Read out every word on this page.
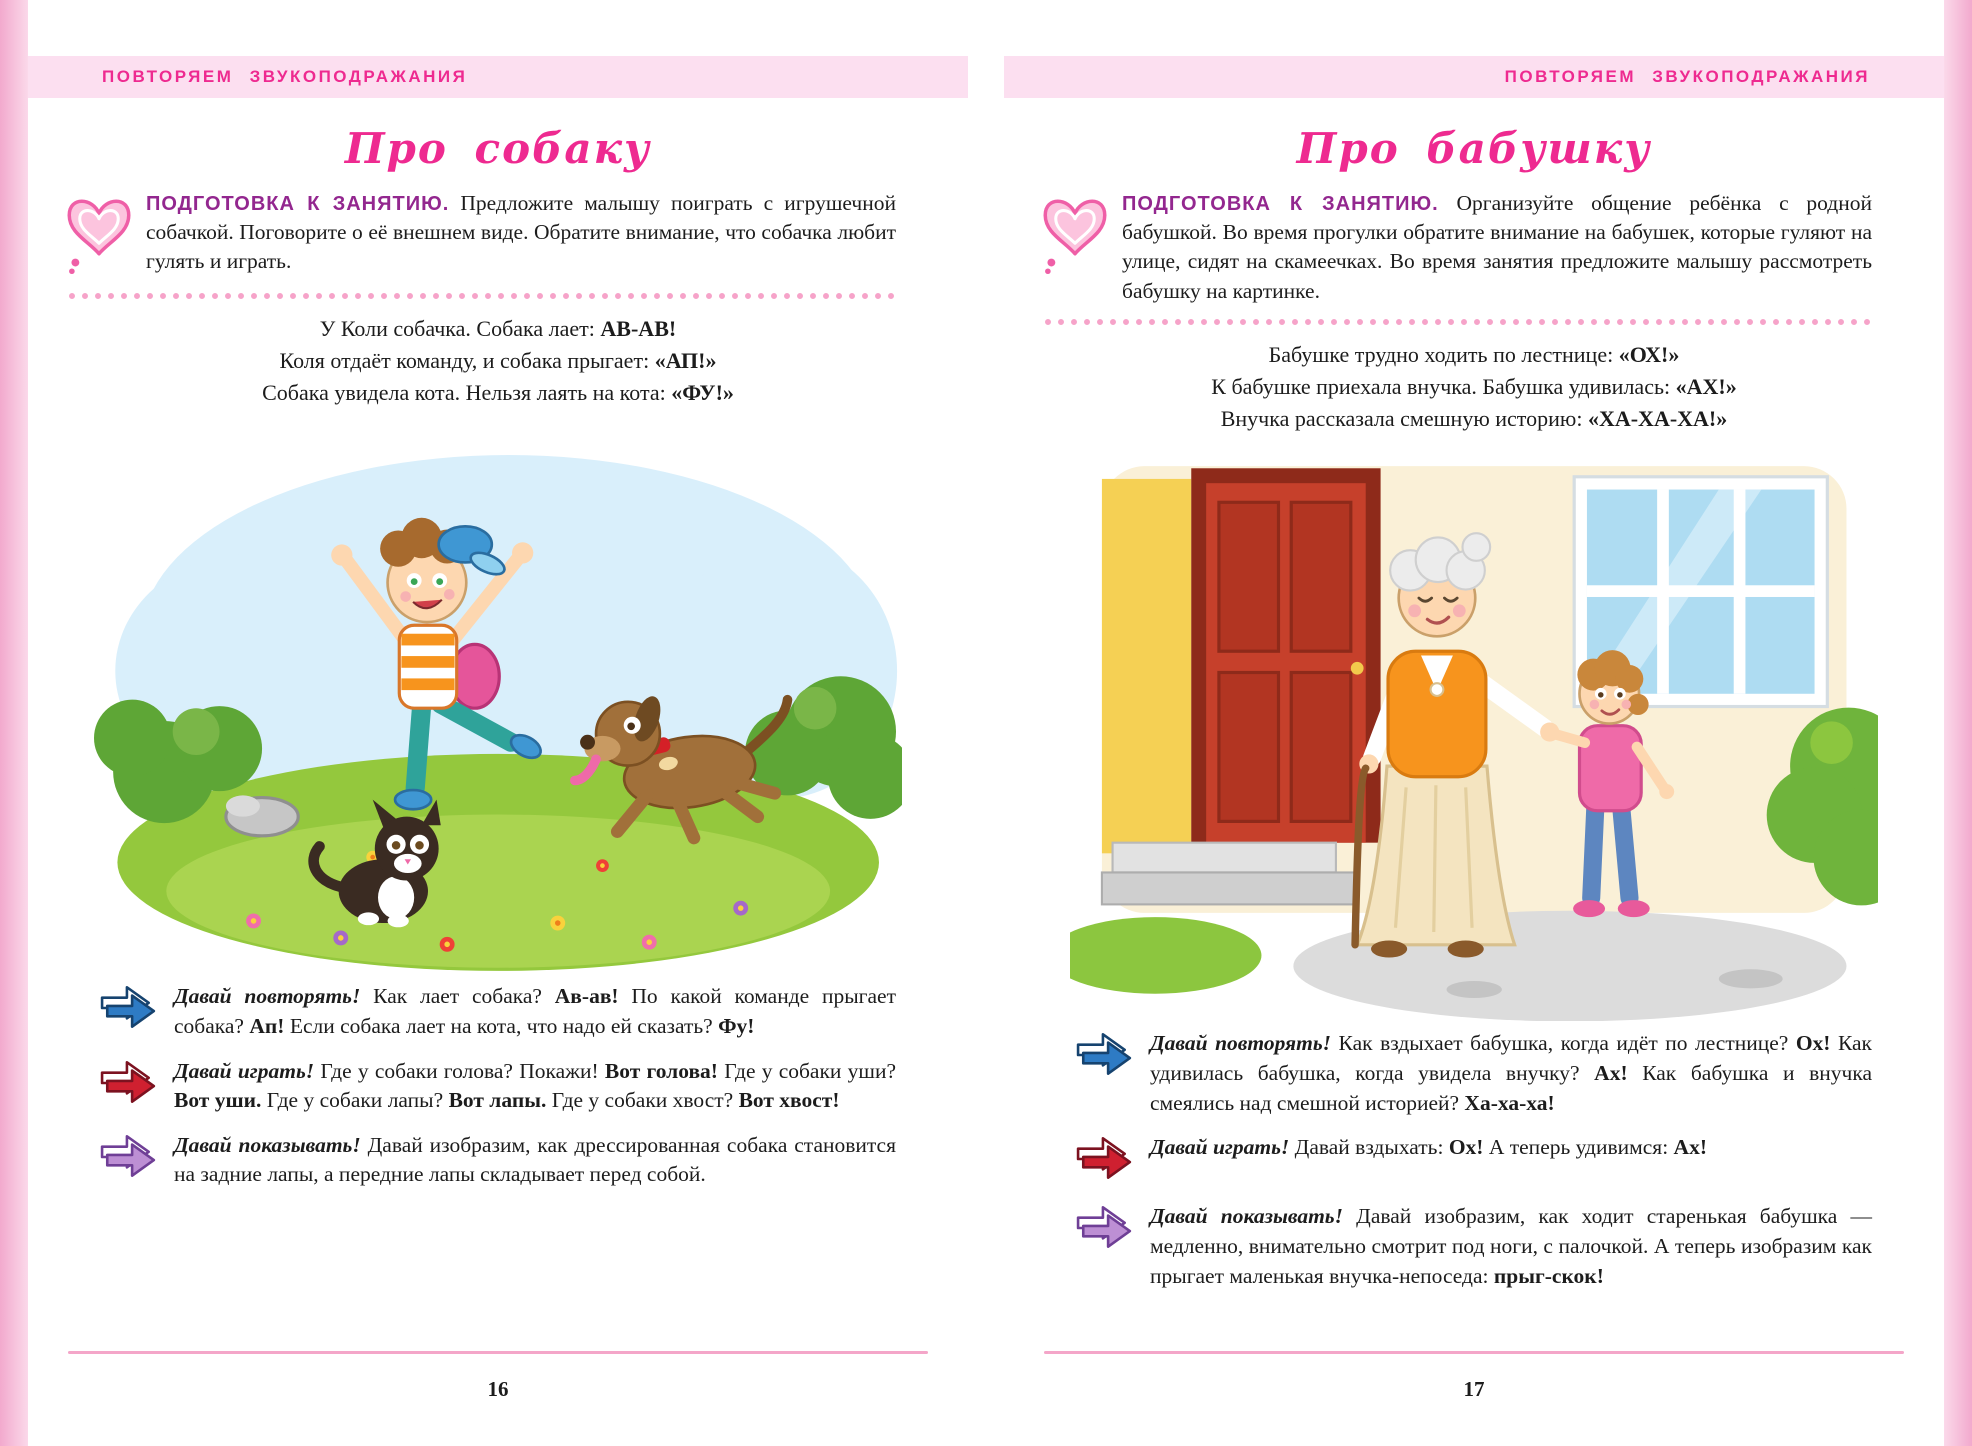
ПОВТОРЯЕМ ЗВУКОПОДРАЖАНИЯ
Про собаку

ПОДГОТОВКА К ЗАНЯТИЮ. Предложите малышу поиграть с игрушечной собачкой. Поговорите о её внешнем виде. Обратите внимание, что собачка любит гулять и играть.

У Коли собачка. Собака лает: АВ-АВ!

Коля отдаёт команду, и собака прыгает: «АП!»

Собака увидела кота. Нельзя лаять на кота: «ФУ!»

Давай повторять! Как лает собака? Ав-ав! По какой команде прыгает собака? Ап! Если собака лает на кота, что надо ей сказать? Фу!

Давай играть! Где у собаки голова? Покажи! Вот голова! Где у собаки уши? Вот уши. Где у собаки лапы? Вот лапы. Где у собаки хвост? Вот хвост!

Давай показывать! Давай изобразим, как дрессированная собака становится на задние лапы, а передние лапы складывает перед собой.

16
ПОВТОРЯЕМ ЗВУКОПОДРАЖАНИЯ
Про бабушку

ПОДГОТОВКА К ЗАНЯТИЮ. Организуйте общение ребёнка с родной бабушкой. Во время прогулки обратите внимание на бабушек, которые гуляют на улице, сидят на скамеечках. Во время занятия предложите малышу рассмотреть бабушку на картинке.

Бабушке трудно ходить по лестнице: «ОХ!»

К бабушке приехала внучка. Бабушка удивилась: «АХ!»

Внучка рассказала смешную историю: «ХА-ХА-ХА!»

Давай повторять! Как вздыхает бабушка, когда идёт по лестнице? Ох! Как удивилась бабушка, когда увидела внучку? Ах! Как бабушка и внучка смеялись над смешной историей? Ха-ха-ха!

Давай играть! Давай вздыхать: Ох! А теперь удивимся: Ах!

Давай показывать! Давай изобразим, как ходит старенькая бабушка — медленно, внимательно смотрит под ноги, с палочкой. А теперь изобразим как прыгает маленькая внучка-непоседа: прыг-скок!

17
